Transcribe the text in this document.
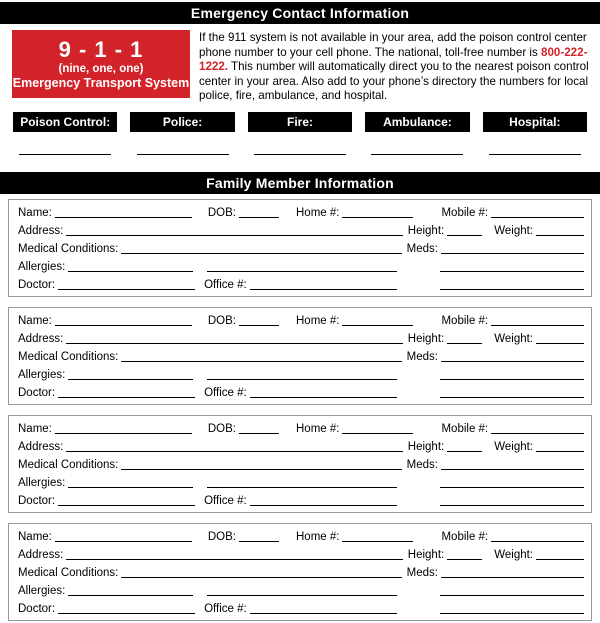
Emergency Contact Information
9 - 1 - 1
(nine, one, one)
Emergency Transport System
If the 911 system is not available in your area, add the poison control center phone number to your cell phone. The national, toll-free number is 800-222-1222. This number will automatically direct you to the nearest poison control center in your area. Also add to your phone’s directory the numbers for local police, fire, ambulance, and hospital.
Poison Control:	Police:	Fire:	Ambulance:	Hospital:
Family Member Information
Name:	DOB:	Home #:	Mobile #:
Address:	Height:	Weight:
Medical Conditions:	Meds:
Allergies:
Doctor:	Office #:
Name:	DOB:	Home #:	Mobile #:
Address:	Height:	Weight:
Medical Conditions:	Meds:
Allergies:
Doctor:	Office #:
Name:	DOB:	Home #:	Mobile #:
Address:	Height:	Weight:
Medical Conditions:	Meds:
Allergies:
Doctor:	Office #:
Name:	DOB:	Home #:	Mobile #:
Address:	Height:	Weight:
Medical Conditions:	Meds:
Allergies:
Doctor:	Office #:
